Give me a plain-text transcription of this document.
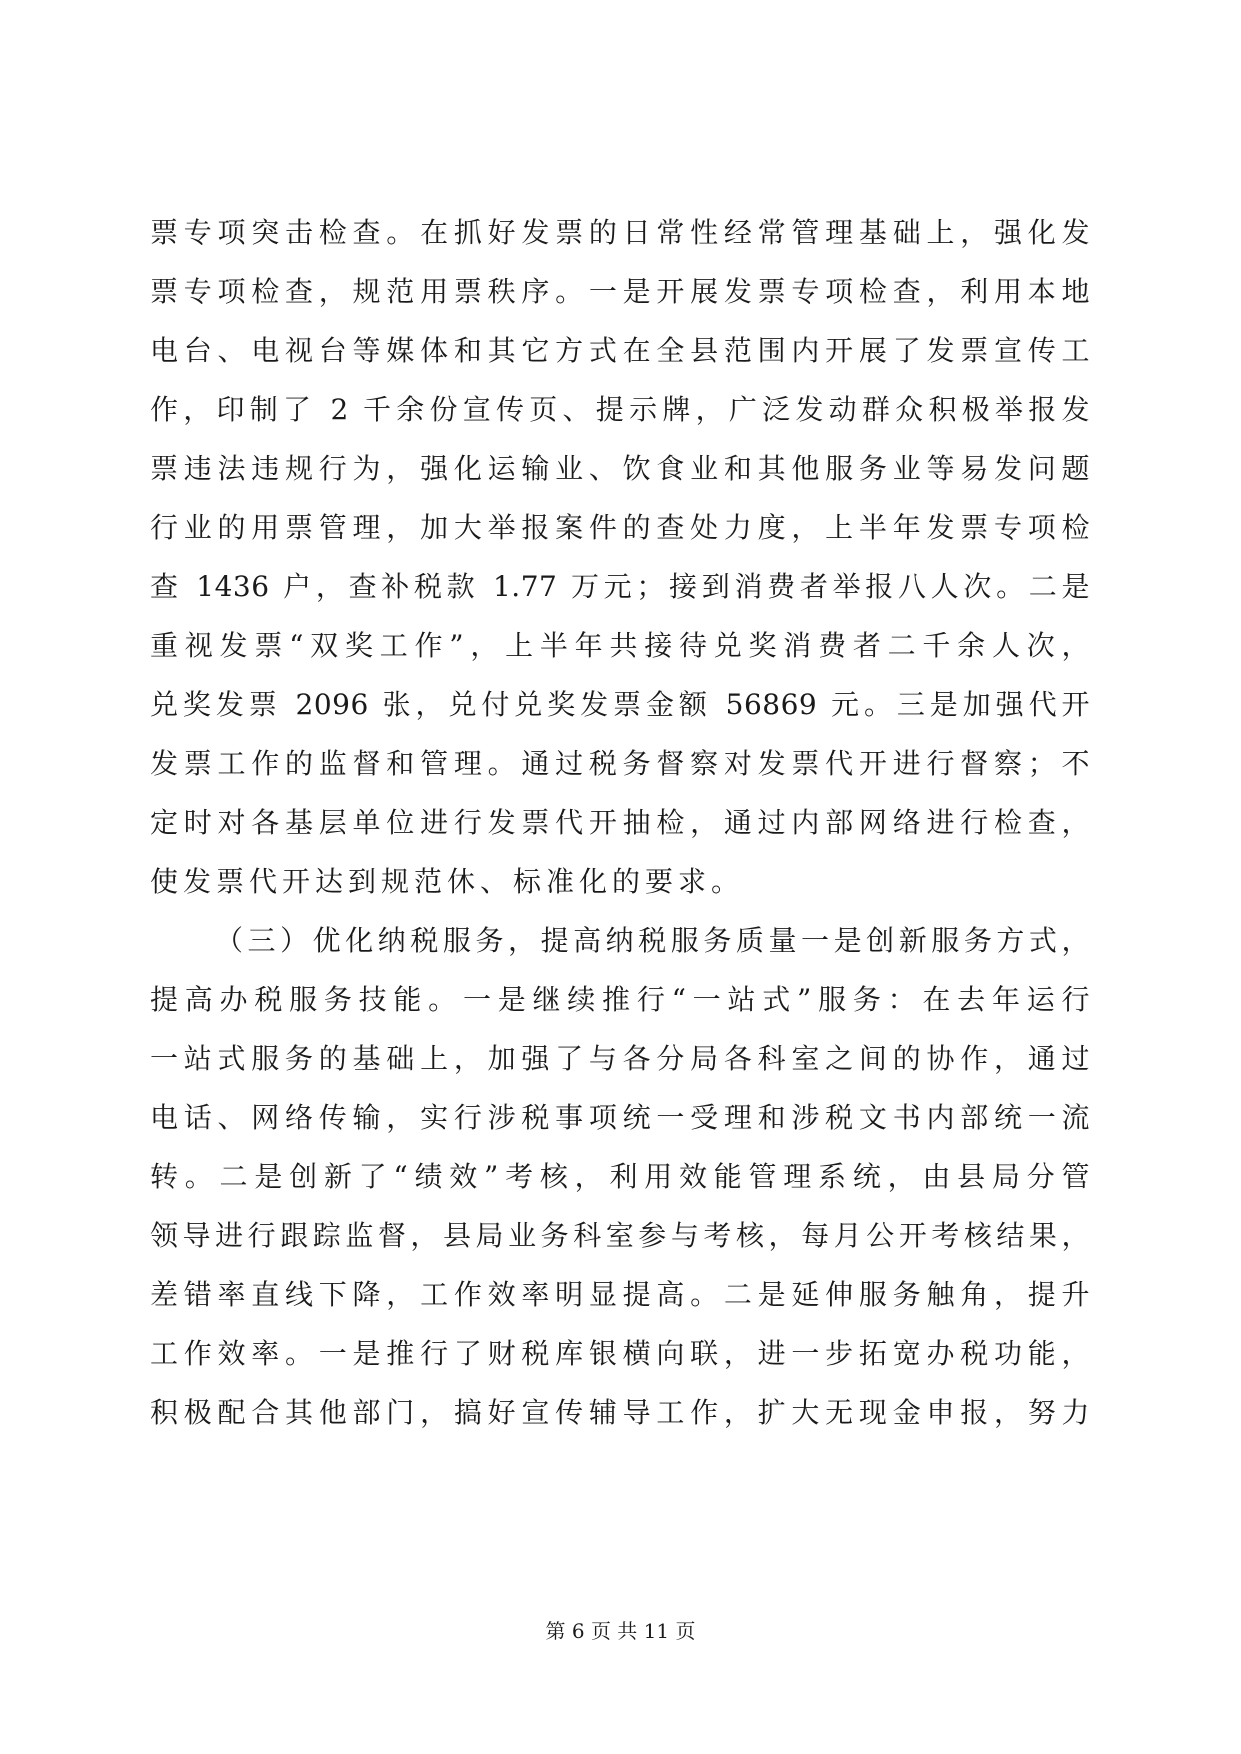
票专项突击检查。在抓好发票的日常性经常管理基础上，强化发
票专项检查，规范用票秩序。一是开展发票专项检查，利用本地
电台、电视台等媒体和其它方式在全县范围内开展了发票宣传工
作，印制了 2 千余份宣传页、提示牌，广泛发动群众积极举报发
票违法违规行为，强化运输业、饮食业和其他服务业等易发问题
行业的用票管理，加大举报案件的查处力度，上半年发票专项检
查 1436 户，查补税款 1.77 万元；接到消费者举报八人次。二是
重视发票“双奖工作”，上半年共接待兑奖消费者二千余人次，
兑奖发票 2096 张，兑付兑奖发票金额 56869 元。三是加强代开
发票工作的监督和管理。通过税务督察对发票代开进行督察；不
定时对各基层单位进行发票代开抽检，通过内部网络进行检查，
使发票代开达到规范休、标准化的要求。
（三）优化纳税服务，提高纳税服务质量一是创新服务方式，
提高办税服务技能。一是继续推行“一站式”服务：在去年运行
一站式服务的基础上，加强了与各分局各科室之间的协作，通过
电话、网络传输，实行涉税事项统一受理和涉税文书内部统一流
转。二是创新了“绩效”考核，利用效能管理系统，由县局分管
领导进行跟踪监督，县局业务科室参与考核，每月公开考核结果，
差错率直线下降，工作效率明显提高。二是延伸服务触角，提升
工作效率。一是推行了财税库银横向联，进一步拓宽办税功能，
积极配合其他部门，搞好宣传辅导工作，扩大无现金申报，努力
第 6 页 共 11 页
